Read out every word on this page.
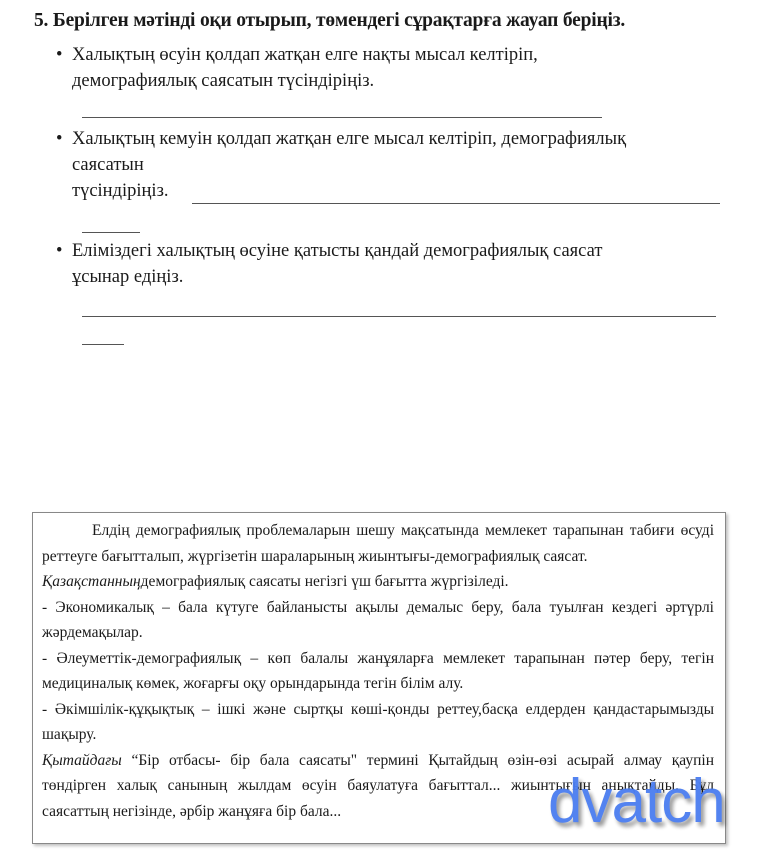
5. Берілген мәтінді оқи отырып, төмендегі сұрақтарға жауап беріңіз.
• Халықтың өсуін қолдап жатқан елге нақты мысал келтіріп,
демографиялық саясатын түсіндіріңіз.
• Халықтың кемуін қолдап жатқан елге мысал келтіріп, демографиялық
саясатын
түсіндіріңіз.
• Еліміздегі халықтың өсуіне қатысты қандай демографиялық саясат
ұсынар едіңіз.

Елдің демографиялық проблемаларын шешу мақсатында мемлекет тарапынан табиғи өсуді реттеуге бағытталып, жүргізетін шараларының жиынтығы-демографиялық саясат.

Қазақстанныңдемографиялық саясаты негізгі үш бағытта жүргізіледі.

- Экономикалық – бала күтуге байланысты ақылы демалыс беру, бала туылған кездегі әртүрлі жәрдемақылар.

- Әлеуметтік-демографиялық – көп балалы жанұяларға мемлекет тарапынан пәтер беру, тегін медициналық көмек, жоғарғы оқу орындарында тегін білім алу.

- Әкімшілік-құқықтық – ішкі және сыртқы көші-қонды реттеу,басқа елдерден қандастарымызды шақыру.

Қытайдағы “Бір отбасы- бір бала саясаты" термині Қытайдың өзін-өзі асырай алмау қаупін төндірген халық санының жылдам өсуін баяулатуға бағыттал... жиынтығын анықтайды. Бұл саясаттың негізінде, әрбір жанұяға бір бала...	dvatch
